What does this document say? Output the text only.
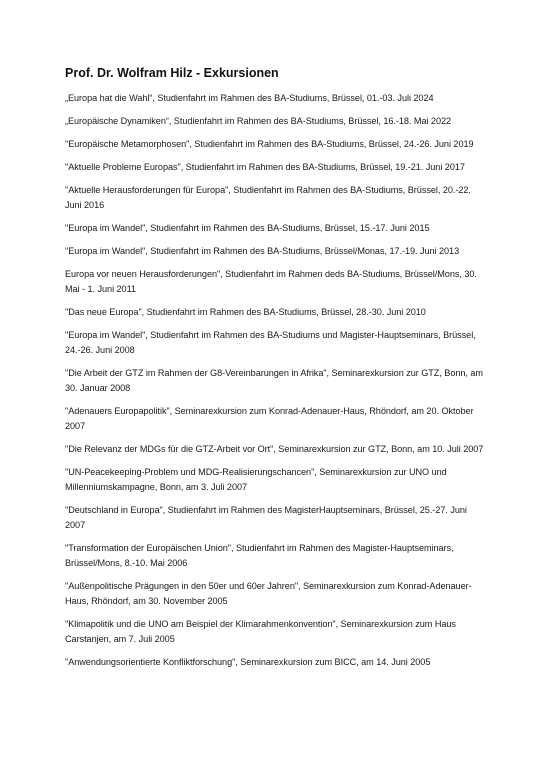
Prof. Dr. Wolfram Hilz - Exkursionen

„Europa hat die Wahl“, Studienfahrt im Rahmen des BA-Studiums, Brüssel, 01.-03. Juli 2024

„Europäische Dynamiken“, Studienfahrt im Rahmen des BA-Studiums, Brüssel, 16.-18. Mai 2022

"Europäische Metamorphosen", Studienfahrt im Rahmen des BA-Studiums, Brüssel, 24.-26. Juni 2019

"Aktuelle Probleme Europas", Studienfahrt im Rahmen des BA-Studiums, Brüssel, 19.-21. Juni 2017

"Aktuelle Herausforderungen für Europa", Studienfahrt im Rahmen des BA-Studiums, Brüssel, 20.-22. Juni 2016

"Europa im Wandel", Studienfahrt im Rahmen des BA-Studiums, Brüssel, 15.-17. Juni 2015

"Europa im Wandel", Studienfahrt im Rahmen des BA-Studiums, Brüssel/Monas, 17.-19. Juni 2013

Europa vor neuen Herausforderungen", Studienfahrt im Rahmen deds BA-Studiums, Brüssel/Mons, 30. Mai - 1. Juni 2011

"Das neue Europa", Studienfahrt im Rahmen des BA-Studiums, Brüssel, 28.-30. Juni 2010

"Europa im Wandel", Studienfahrt im Rahmen des BA-Studiums und Magister-Hauptseminars, Brüssel, 24.-26. Juni 2008

"Die Arbeit der GTZ im Rahmen der G8-Vereinbarungen in Afrika", Seminarexkursion zur GTZ, Bonn, am 30. Januar 2008

"Adenauers Europapolitik", Seminarexkursion zum Konrad-Adenauer-Haus, Rhöndorf, am 20. Oktober 2007

"Die Relevanz der MDGs für die GTZ-Arbeit vor Ort", Seminarexkursion zur GTZ, Bonn, am 10. Juli 2007

"UN-Peacekeeping-Problem und MDG-Realisierungschancen", Seminarexkursion zur UNO und Millenniumskampagne, Bonn, am 3. Juli 2007

"Deutschland in Europa", Studienfahrt im Rahmen des MagisterHauptseminars, Brüssel, 25.-27. Juni 2007

"Transformation der Europäischen Union", Studienfahrt im Rahmen des Magister-Hauptseminars, Brüssel/Mons, 8.-10. Mai 2006

"Außenpolitische Prägungen in den 50er und 60er Jahren", Seminarexkursion zum Konrad-Adenauer-Haus, Rhöndorf, am 30. November 2005

"Klimapolitik und die UNO am Beispiel der Klimarahmenkonvention", Seminarexkursion zum Haus Carstanjen, am 7. Juli 2005

"Anwendungsorientierte Konfliktforschung", Seminarexkursion zum BICC, am 14. Juni 2005
